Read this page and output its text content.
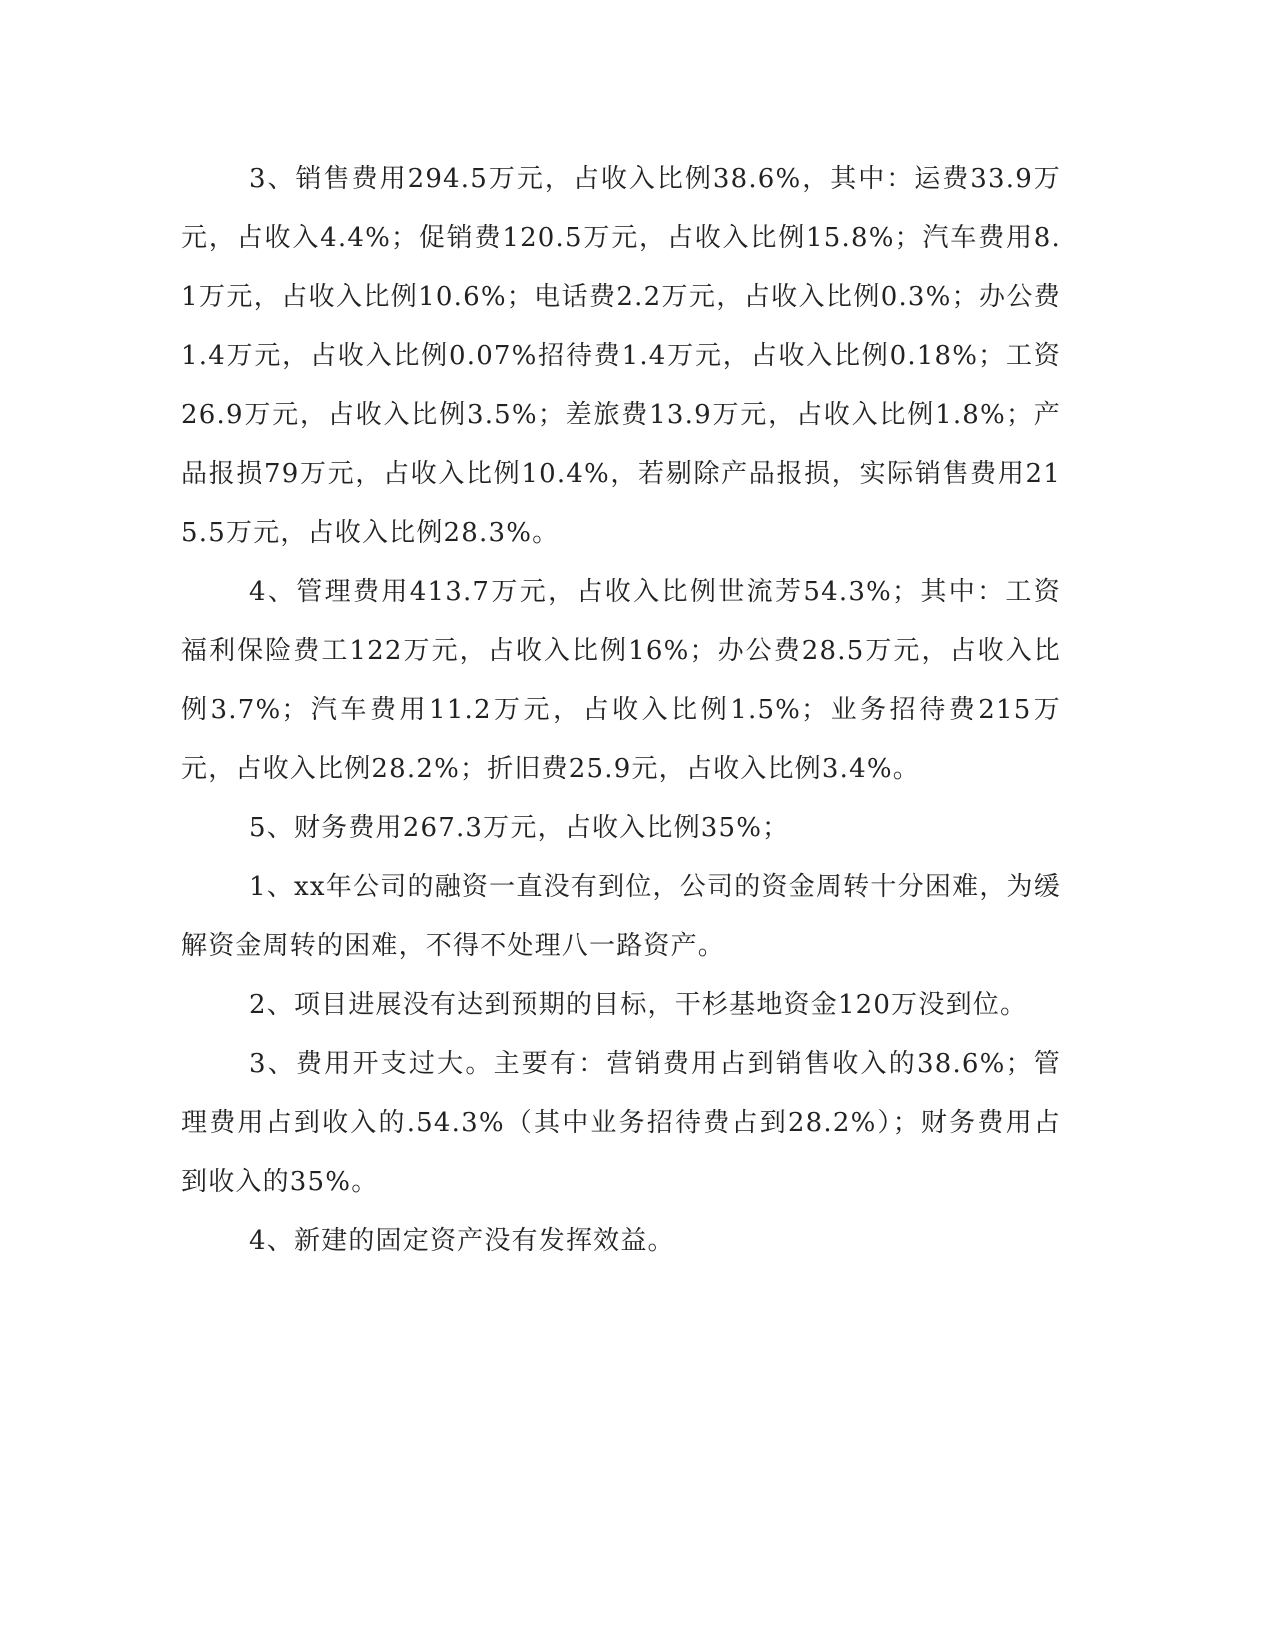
3、销售费用294.5万元，占收入比例38.6%，其中：运费33.9万元，占收入4.4%；促销费120.5万元，占收入比例15.8%；汽车费用8.1万元，占收入比例10.6%；电话费2.2万元，占收入比例0.3%；办公费1.4万元，占收入比例0.07%招待费1.4万元，占收入比例0.18%；工资26.9万元，占收入比例3.5%；差旅费13.9万元，占收入比例1.8%；产品报损79万元，占收入比例10.4%，若剔除产品报损，实际销售费用215.5万元，占收入比例28.3%。

4、管理费用413.7万元，占收入比例世流芳54.3%；其中：工资福利保险费工122万元，占收入比例16%；办公费28.5万元，占收入比例3.7%；汽车费用11.2万元，占收入比例1.5%；业务招待费215万元，占收入比例28.2%；折旧费25.9元，占收入比例3.4%。

5、财务费用267.3万元，占收入比例35%；

1、xx年公司的融资一直没有到位，公司的资金周转十分困难，为缓解资金周转的困难，不得不处理八一路资产。

2、项目进展没有达到预期的目标，干杉基地资金120万没到位。

3、费用开支过大。主要有：营销费用占到销售收入的38.6%；管理费用占到收入的.54.3%（其中业务招待费占到28.2%）；财务费用占到收入的35%。

4、新建的固定资产没有发挥效益。
